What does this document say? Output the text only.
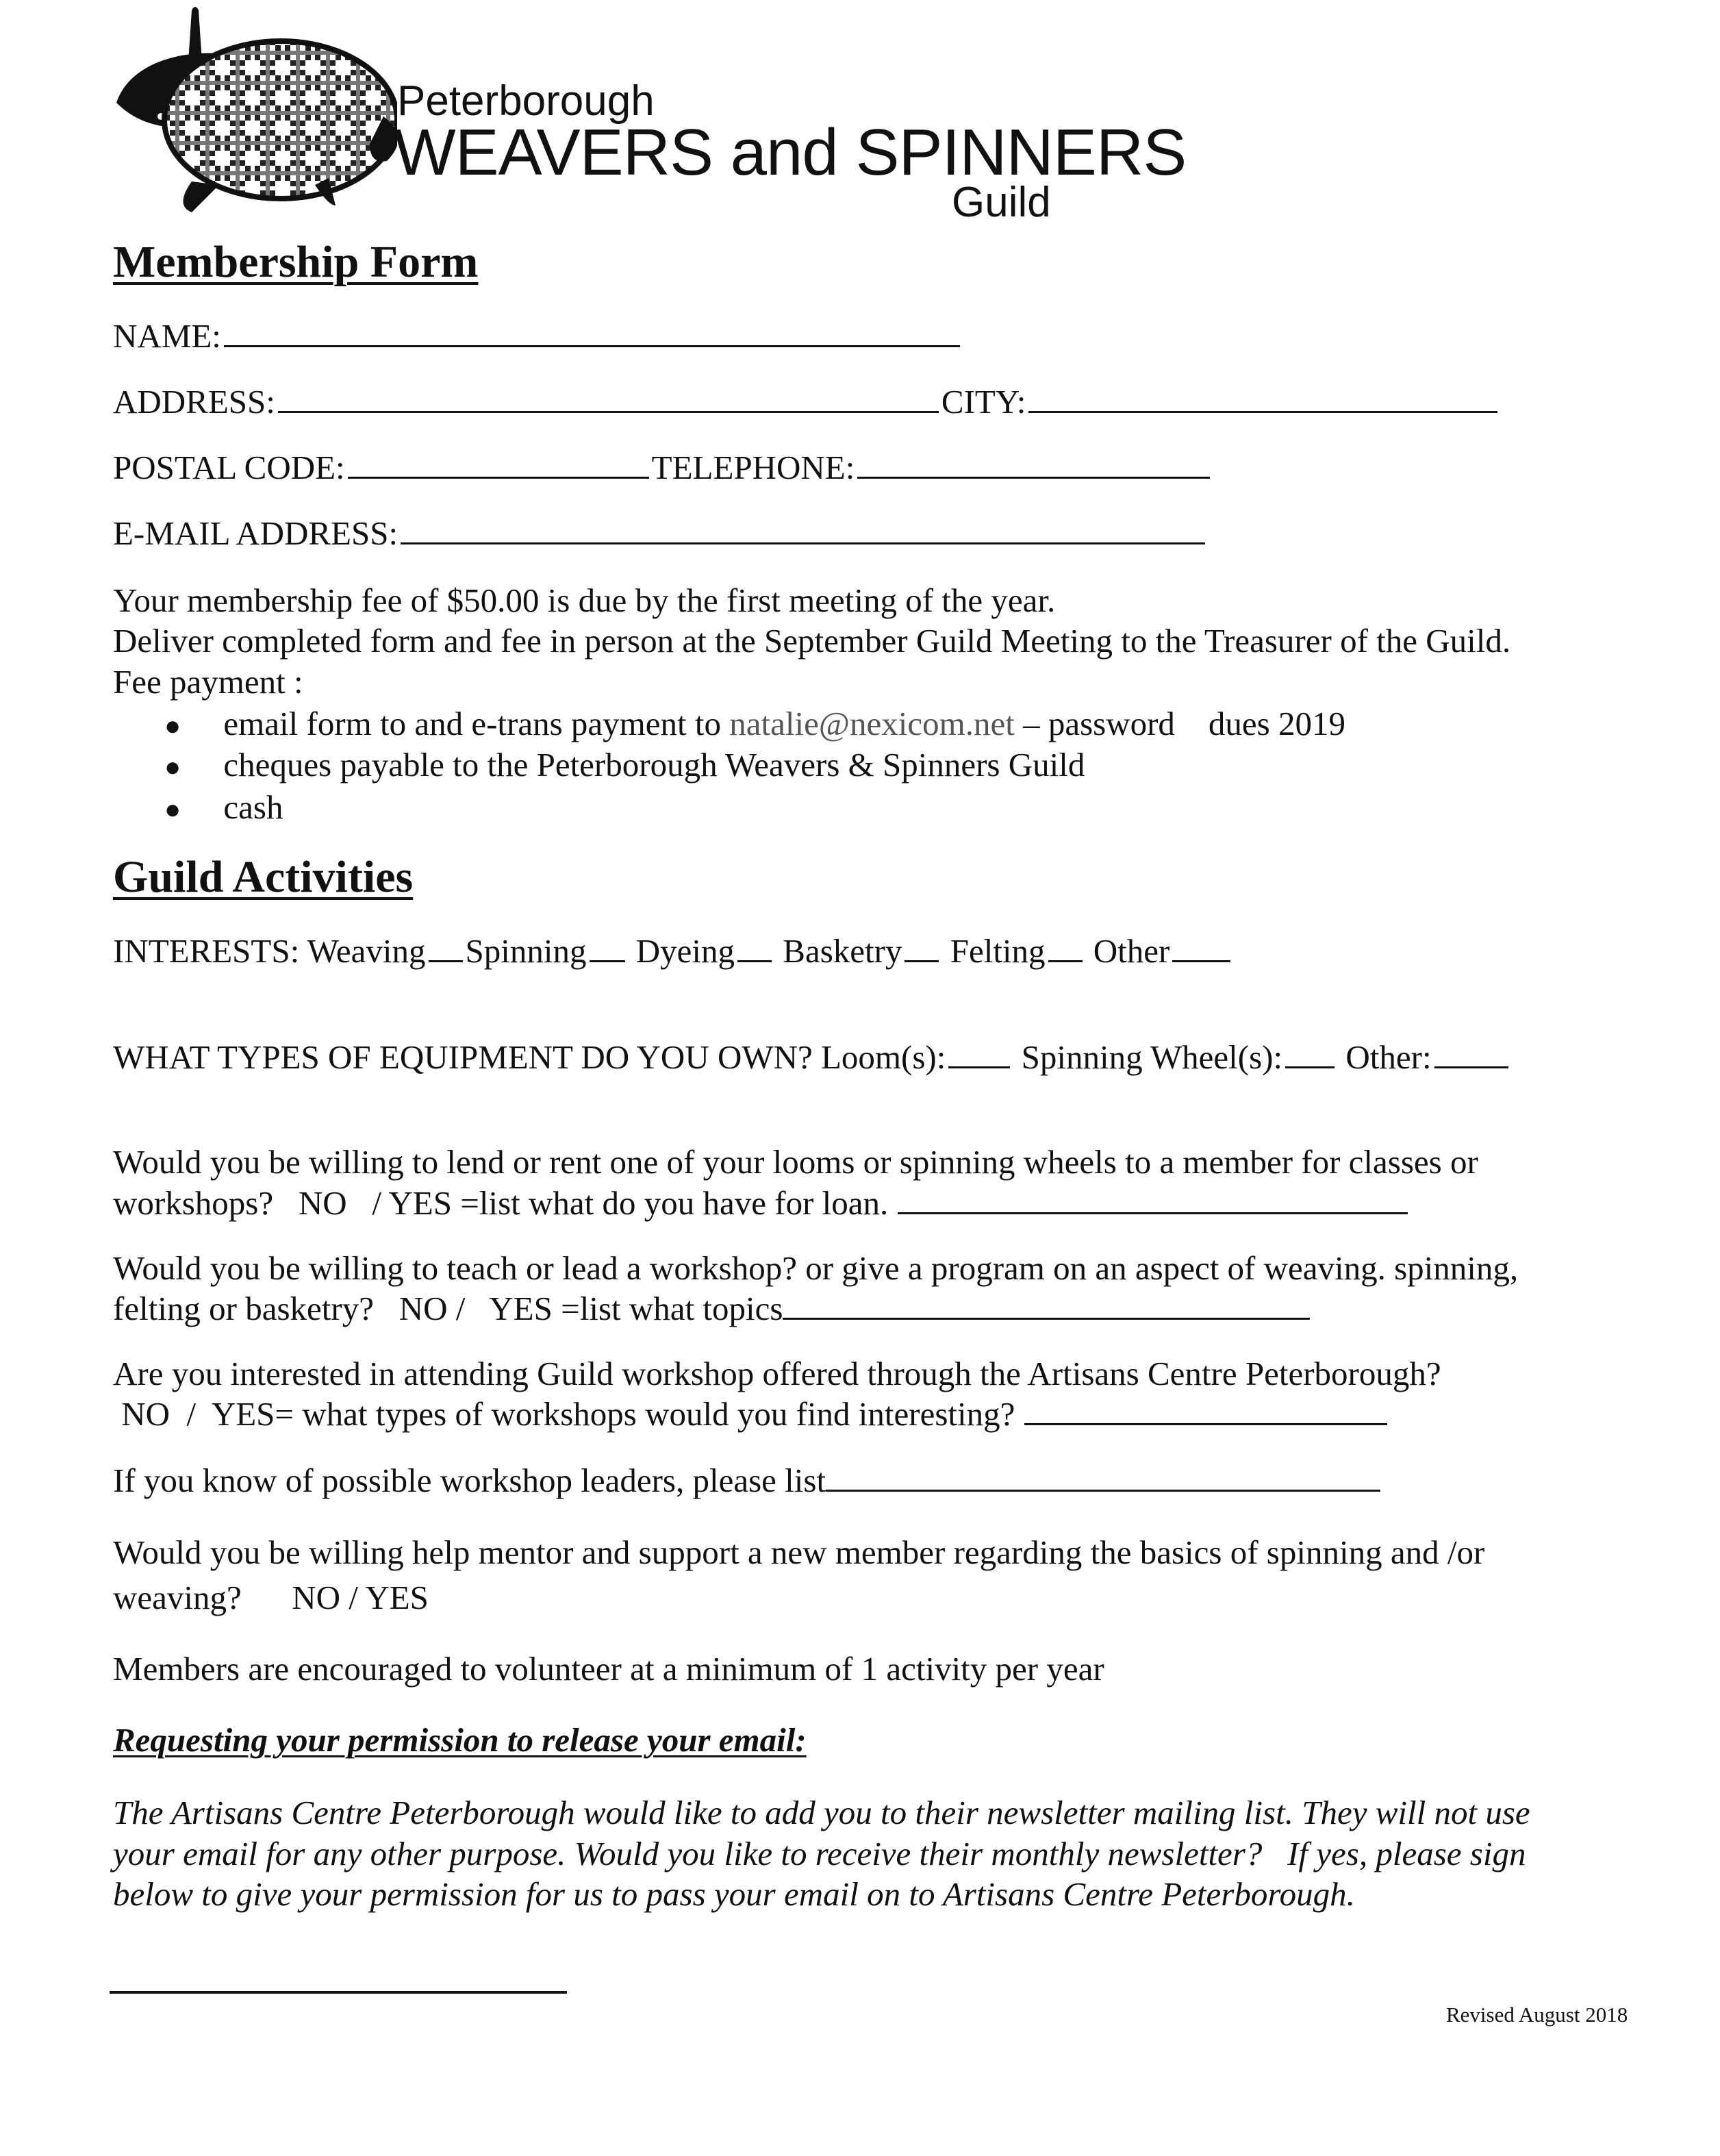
Peterborough
WEAVERS and SPINNERS
Guild
Membership Form
NAME:
ADDRESS:	CITY:
POSTAL CODE:	TELEPHONE:
E-MAIL ADDRESS:
Your membership fee of $50.00 is due by the first meeting of the year.
Deliver completed form and fee in person at the September Guild Meeting to the Treasurer of the Guild.
Fee payment :
● email form to and e-trans payment to natalie@nexicom.net – password    dues 2019
● cheques payable to the Peterborough Weavers & Spinners Guild
● cash
Guild Activities
INTERESTS: Weaving Spinning Dyeing Basketry Felting Other
WHAT TYPES OF EQUIPMENT DO YOU OWN? Loom(s): Spinning Wheel(s): Other:
Would you be willing to lend or rent one of your looms or spinning wheels to a member for classes or
workshops?   NO   / YES =list what do you have for loan.
Would you be willing to teach or lead a workshop? or give a program on an aspect of weaving. spinning,
felting or basketry?   NO /   YES =list what topics
Are you interested in attending Guild workshop offered through the Artisans Centre Peterborough?
NO  /  YES= what types of workshops would you find interesting?
If you know of possible workshop leaders, please list
Would you be willing help mentor and support a new member regarding the basics of spinning and /or
weaving?      NO / YES
Members are encouraged to volunteer at a minimum of 1 activity per year
Requesting your permission to release your email:
The Artisans Centre Peterborough would like to add you to their newsletter mailing list. They will not use
your email for any other purpose. Would you like to receive their monthly newsletter?   If yes, please sign
below to give your permission for us to pass your email on to Artisans Centre Peterborough.
Revised August 2018
